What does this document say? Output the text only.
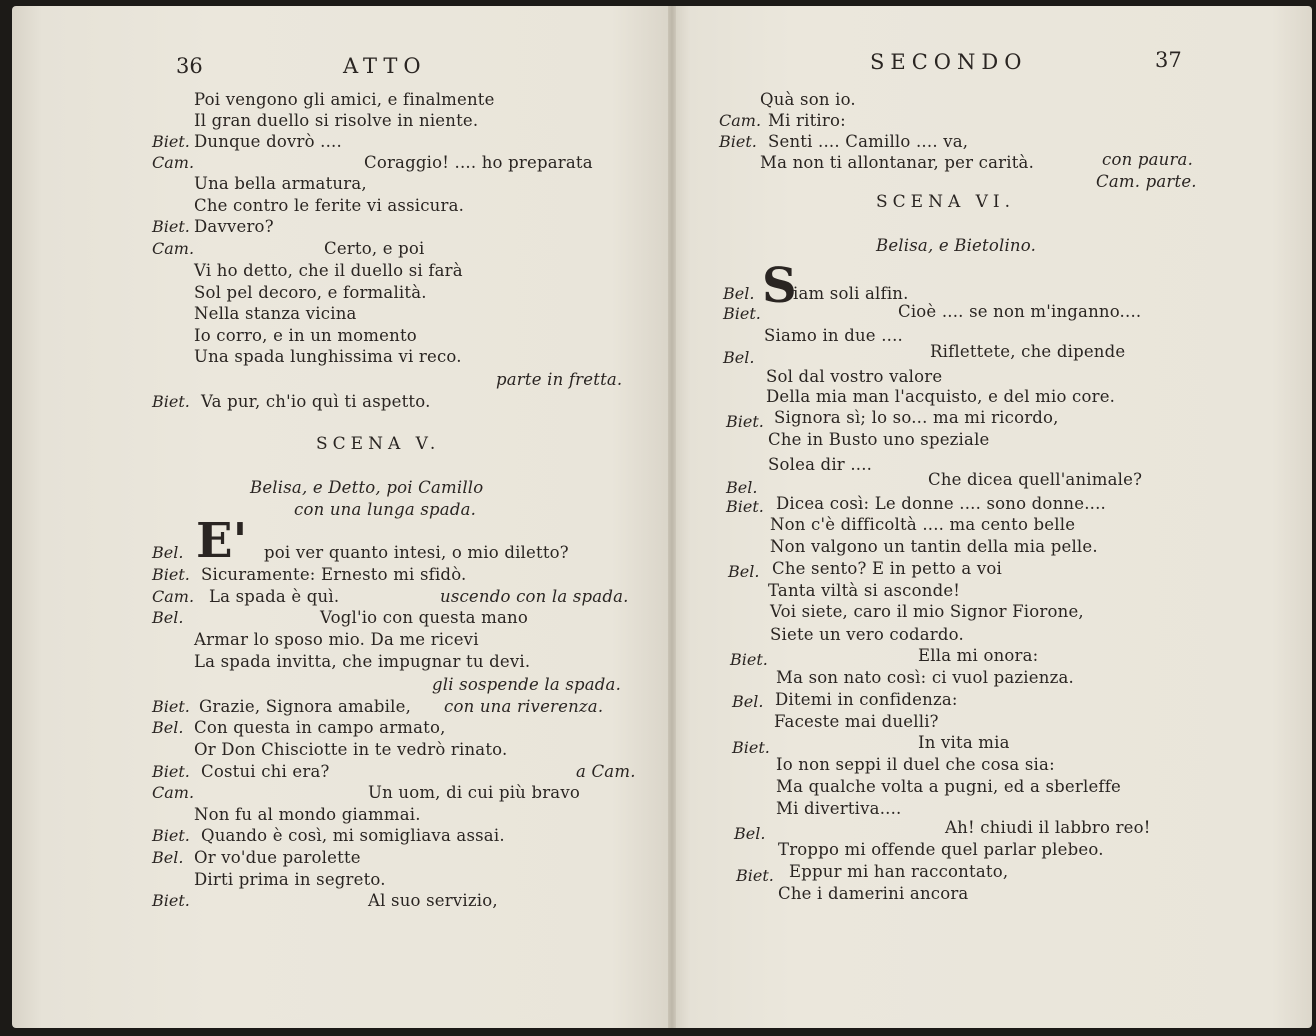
36	ATTO
Poi vengono gli amici, e finalmente
Il gran duello si risolve in niente.
Biet. Dunque dovrò ....
Cam.	Coraggio! .... ho preparata
Una bella armatura,
Che contro le ferite vi assicura.
Biet. Davvero?
Cam.	Certo, e poi
Vi ho detto, che il duello si farà
Sol pel decoro, e formalità.
Nella stanza vicina
Io corro, e in un momento
Una spada lunghissima vi reco.
parte in fretta.
Biet. Va pur, ch'io quì ti aspetto.
SCENA V.
Belisa, e Detto, poi Camillo
con una lunga spada.
E'
Bel.	poi ver quanto intesi, o mio diletto?
Biet. Sicuramente: Ernesto mi sfidò.
Cam. La spada è quì.	uscendo con la spada.
Bel.	Vogl'io con questa mano
Armar lo sposo mio. Da me ricevi
La spada invitta, che impugnar tu devi.
gli sospende la spada.
Biet. Grazie, Signora amabile, con una riverenza.
Bel. Con questa in campo armato,
Or Don Chisciotte in te vedrò rinato.
Biet. Costui chi era?	a Cam.
Cam.	Un uom, di cui più bravo
Non fu al mondo giammai.
Biet. Quando è così, mi somigliava assai.
Bel. Or vo'due parolette
Dirti prima in segreto.
Biet.	Al suo servizio,
SECONDO	37
Quà son io.
Cam. Mi ritiro:
Biet. Senti .... Camillo .... va,
Ma non ti allontanar, per carità.	con paura.
Cam. parte.
SCENA VI.
Belisa, e Bietolino.
S
Bel. iam soli alfin.
Biet.	Cioè .... se non m'inganno....
Siamo in due ....
Bel.	Riflettete, che dipende
Sol dal vostro valore
Della mia man l'acquisto, e del mio core.
Biet. Signora sì; lo so... ma mi ricordo,
Che in Busto uno speziale
Solea dir ....
Bel.	Che dicea quell'animale?
Biet. Dicea così: Le donne .... sono donne....
Non c'è difficoltà .... ma cento belle
Non valgono un tantin della mia pelle.
Bel. Che sento? E in petto a voi
Tanta viltà si asconde!
Voi siete, caro il mio Signor Fiorone,
Siete un vero codardo.
Biet.	Ella mi onora:
Ma son nato così: ci vuol pazienza.
Bel. Ditemi in confidenza:
Faceste mai duelli?
Biet.	In vita mia
Io non seppi il duel che cosa sia:
Ma qualche volta a pugni, ed a sberleffe
Mi divertiva....
Bel.	Ah! chiudi il labbro reo!
Troppo mi offende quel parlar plebeo.
Biet. Eppur mi han raccontato,
Che i damerini ancora
